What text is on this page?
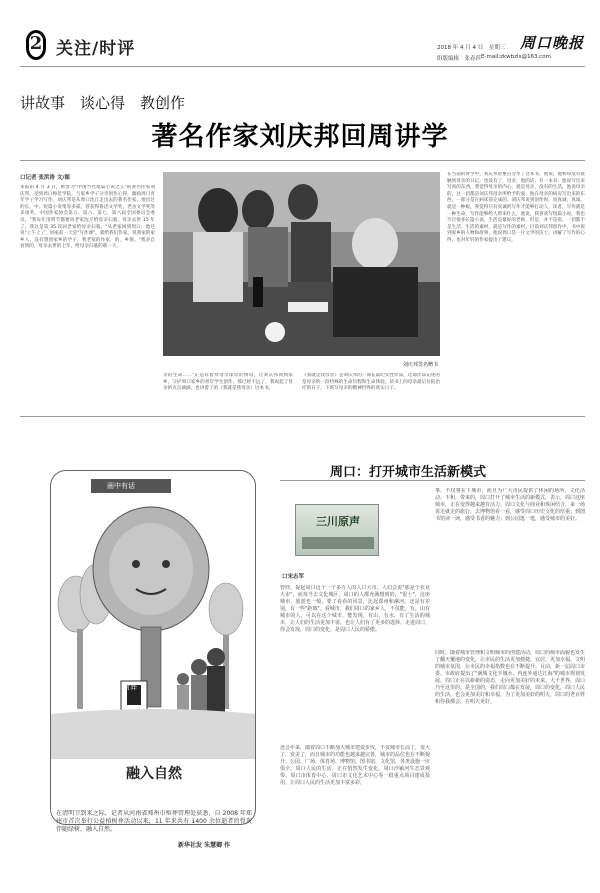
2 关注/时评	2018 年 4 月 4 日　星期三
组版编辑　张春莎 E-mail:zkwbzls@163.com
周口晚报
讲故事　谈心得　教创作
著名作家刘庆邦回周讲学
口记者 张洪涛 文/图
本报讯 4 月 3 日，被誉为"中国当代短篇小说之王"的著名作家刘庆邦，受到周口师范学院，与家乡学子分享创作心得，激励周口青年学子学习写作。刘庆邦是从周口沈丘走出去的著名作家，他出过的长、中、短篇小说集等多部，曾获得鲁迅文学奖、老舍文学奖等多项奖，中国作家协会第五、第六、第七、第八届全国委员会委员。"我每年清明节都要回老家沈丘给母亲扫墓，母亲去世 15 年了，我这是第 35 次回老家给母亲扫墓。"从老家回到周口，他还说"上午上了，讲座前一天是"写作课"，就给我们作家，说我家的家乡人，没有想到家乡的学子，我老家的作家，的，乡情。"我亲自看到的，母亲去世的七年，给母亲扫墓的那一天，
刘庆邦签名赠书
亲的生命……"正是有着对母亲深厚的情谊，让刘庆邦回到家乡，守护周口家乡的青年学生创作，那已经不远了，我说起了母亲的点点滴滴，也讲着了的（我就是我母亲）这本书。
《我就是我母亲》是刘庆邦的一部长篇纪实性作品，这部作品记述的是母亲的一段特殊的生命历程和生命体验。读书上的母亲最后住院治疗的日子，下班写母亲的精神世界的真实日子。
在当前的讲学中，刘庆邦曾重点分享了这本书，他说，他和每没有接触到母亲的日记，也没有了，母亲，他的话，有一本书，他说写出来写真的东西，我觉得母亲的内心，就是母亲，没有的生活，他说母亲的，这一切都是刘庆邦母亲所给予的爱，他在母亲的病房写出来的东西，一部分是在病床前完成的。刘庆邦说到创作时，说真诚，真诚，就是一种根，我觉得只有真诚的写作才能够打动人，读者，写作就是一种生命，写作能够给人带来什么，他说，我喜欢写短篇小说，我也写过很多长篇小说，生活是最好的老师，但是，并不是说，一切都不是生活，生活的素材，就是写作的素材。目前刘庆邦创作中，书中说到家乡的人物和故事，他说周口是一片文学的沃土，讲解了写作的心得，也对年轻的作家提出了建议。
画中有话
树葬
融入自然
在清明节到来之际，记者从河南省郑州市殡葬管理处获悉，自 2008 年郑州市首次举行公益植树葬活动以来，11 年来共有 1400 余位逝者的骨灰伴随绿树，融入自然。
新华社发 朱慧卿 作
周口：打开城市生活新模式
三川原声
口宋志军
曾经，提起周口这个一个多万人的人口大市，人们会说"那是个农业大市"，而每当去文化城区，周口的人都充满想到的，"很土"。这座城市，旅游也一般，要了看看的风景，比起郑州和漯河，还是有差别，有一些"距离"。看城市，我们周口的家乡人，不仅能，有，山有城市的人，可以在这个城市，能发现，有山，有水，有了生活的城市，让人们的生活更加丰富，也让人们有了更多的选择。走进周口，你会发现，周口的变化，是周口人民的骄傲。
还会年来，随着周口不断加大城市建设步伐，不仅城市长高了，变大了，变美了，而且城市的功能也越来越完善，城市的品位也在不断提升。公园、广场、体育场、博物馆、图书馆、文化馆，各类设施一应俱全。周口人民的生活，正在悄然发生变化。周口沙颍河生态景观带、周口市体育中心、周口市文化艺术中心等一批重点项目建成投用，让周口人民的生活更加丰富多彩。
事，不仅将在下城市，而且为广大市民提供了休闲的场所，文化活动、不和，带来的，周口打开了城市生活的新模式，表示，周口这座城市，正在变得越来越有活力。周口文化与商业和休闲结合，来一场说走就走的旅行，去博物馆看一看，感受周口历史文化的厚重；到图书馆读一读，感受书香的魅力；到公园逛一逛，感受城市的美好。
同时，随着城市管理和文明城市的创建活动，周口的城市面貌也发生了翻天覆地的变化，让市民的生活更加便捷，宜居，更加幸福。文明的城市氛围，让市民的幸福指数也在不断提升。目前，新一届周口市委、市政府提出了"满城文化半城水，内连外通达江海"的城市规划发展，周口正在以崭新的姿态，走向更加美好的未来。大千世界，周口乃至这里的，是全国的，我们周口都在发展，周口的变化，周口人民的生活，也会更加美好和幸福，为了更加美好的明天，周口的老百姓和你我都会，在明天更好。
